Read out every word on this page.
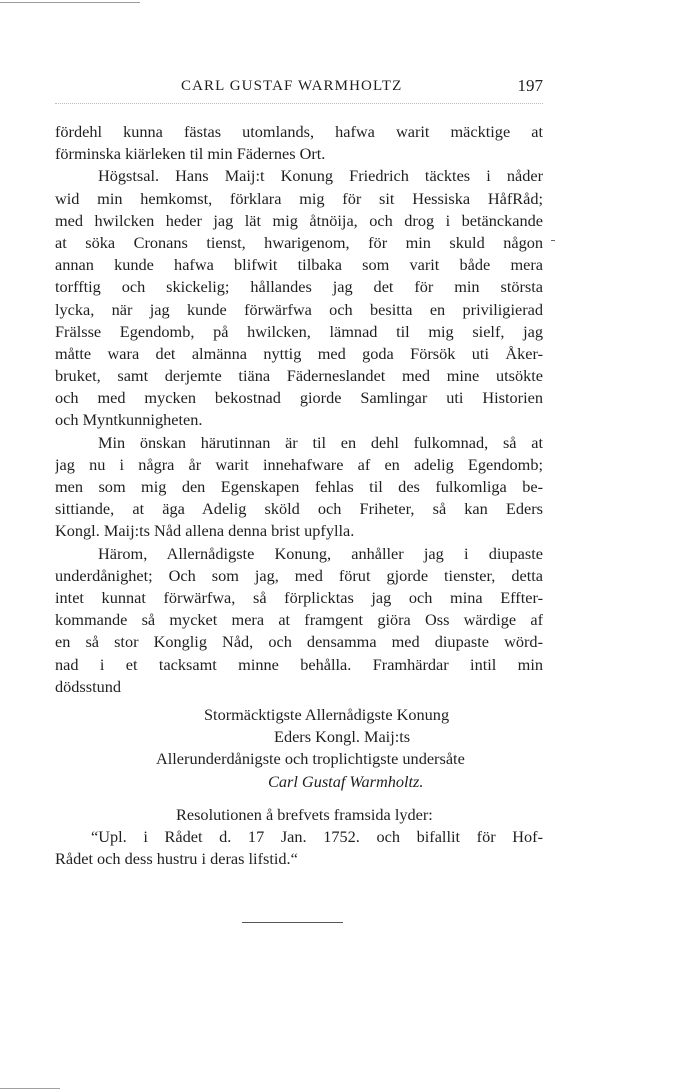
CARL GUSTAF WARMHOLTZ	197
fördehl kunna fästas utomlands, hafwa warit mäcktige at
förminska kiärleken til min Fädernes Ort.
Högstsal. Hans Maij:t Konung Friedrich täcktes i nåder
wid min hemkomst, förklara mig för sit Hessiska HåfRåd;
med hwilcken heder jag lät mig åtnöija, och drog i betänckande
at söka Cronans tienst, hwarigenom, för min skuld någon
annan kunde hafwa blifwit tilbaka som varit både mera
torfftig och skickelig; hållandes jag det för min största
lycka, när jag kunde förwärfwa och besitta en priviligierad
Frälsse Egendomb, på hwilcken, lämnad til mig sielf, jag
måtte wara det almänna nyttig med goda Försök uti Åker-
bruket, samt derjemte tiäna Fäderneslandet med mine utsökte
och med mycken bekostnad giorde Samlingar uti Historien
och Myntkunnigheten.
Min önskan härutinnan är til en dehl fulkomnad, så at
jag nu i några år warit innehafware af en adelig Egendomb;
men som mig den Egenskapen fehlas til des fulkomliga be-
sittiande, at äga Adelig sköld och Friheter, så kan Eders
Kongl. Maij:ts Nåd allena denna brist upfylla.
Härom, Allernådigste Konung, anhåller jag i diupaste
underdånighet; Och som jag, med förut gjorde tienster, detta
intet kunnat förwärfwa, så förplicktas jag och mina Effter-
kommande så mycket mera at framgent giöra Oss wärdige af
en så stor Konglig Nåd, och densamma med diupaste wörd-
nad i et tacksamt minne behålla. Framhärdar intil min
dödsstund
Stormäcktigste Allernådigste Konung
Eders Kongl. Maij:ts
Allerunderdånigste och troplichtigste undersåte
Carl Gustaf Warmholtz.
Resolutionen å brefvets framsida lyder:
“Upl. i Rådet d. 17 Jan. 1752. och bifallit för Hof-
Rådet och dess hustru i deras lifstid.“
